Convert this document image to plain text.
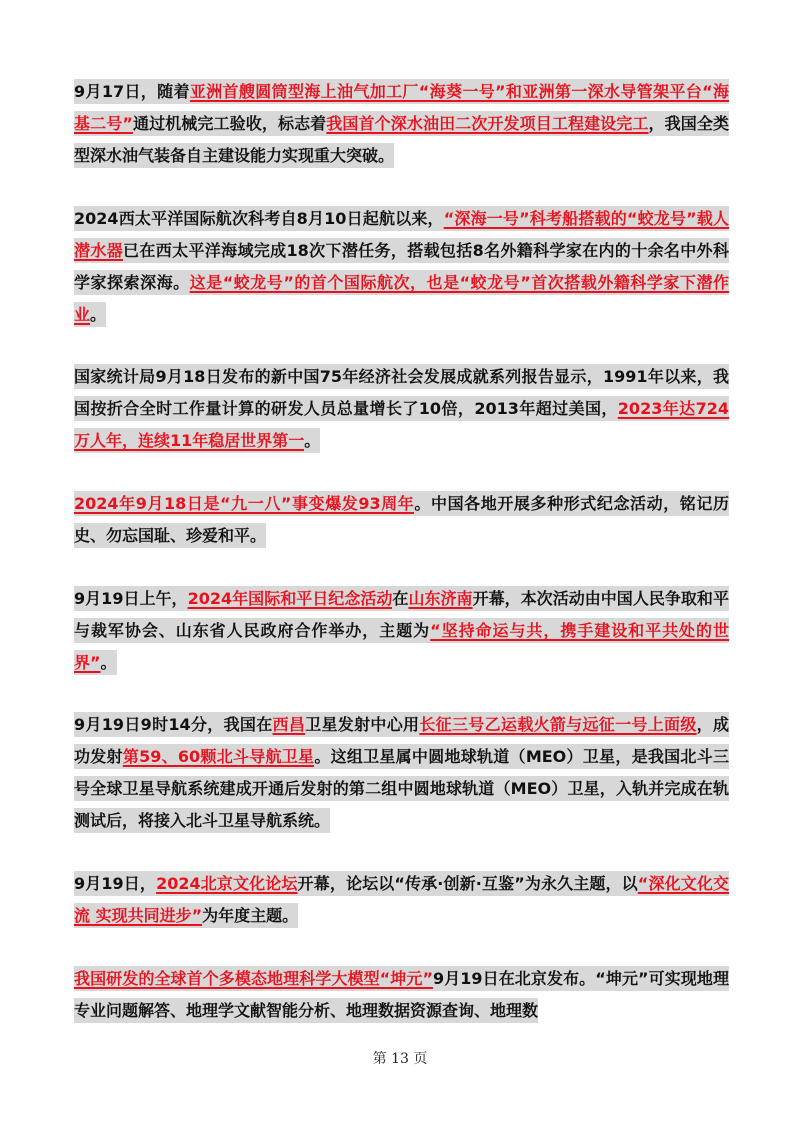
9月17日，随着亚洲首艘圆筒型海上油气加工厂“海葵一号”和亚洲第一深水导管架平台“海基二号”通过机械完工验收，标志着我国首个深水油田二次开发项目工程建设完工，我国全类型深水油气装备自主建设能力实现重大突破。
2024西太平洋国际航次科考自8月10日起航以来，“深海一号”科考船搭载的“蛟龙号”载人潜水器已在西太平洋海域完成18次下潜任务，搭载包括8名外籍科学家在内的十余名中外科学家探索深海。这是“蛟龙号”的首个国际航次，也是“蛟龙号”首次搭载外籍科学家下潜作业。
国家统计局9月18日发布的新中国75年经济社会发展成就系列报告显示，1991年以来，我国按折合全时工作量计算的研发人员总量增长了10倍，2013年超过美国，2023年达724万人年，连续11年稳居世界第一。
2024年9月18日是“九一八”事变爆发93周年。中国各地开展多种形式纪念活动，铭记历史、勿忘国耻、珍爱和平。
9月19日上午，2024年国际和平日纪念活动在山东济南开幕，本次活动由中国人民争取和平与裁军协会、山东省人民政府合作举办，主题为“坚持命运与共，携手建设和平共处的世界”。
9月19日9时14分，我国在西昌卫星发射中心用长征三号乙运载火箭与远征一号上面级，成功发射第59、60颗北斗导航卫星。这组卫星属中圆地球轨道（MEO）卫星，是我国北斗三号全球卫星导航系统建成开通后发射的第二组中圆地球轨道（MEO）卫星，入轨并完成在轨测试后，将接入北斗卫星导航系统。
9月19日，2024北京文化论坛开幕，论坛以“传承·创新·互鉴”为永久主题，以“深化文化交流 实现共同进步”为年度主题。
我国研发的全球首个多模态地理科学大模型“坤元”9月19日在北京发布。“坤元”可实现地理专业问题解答、地理学文献智能分析、地理数据资源查询、地理数
第 13 页
